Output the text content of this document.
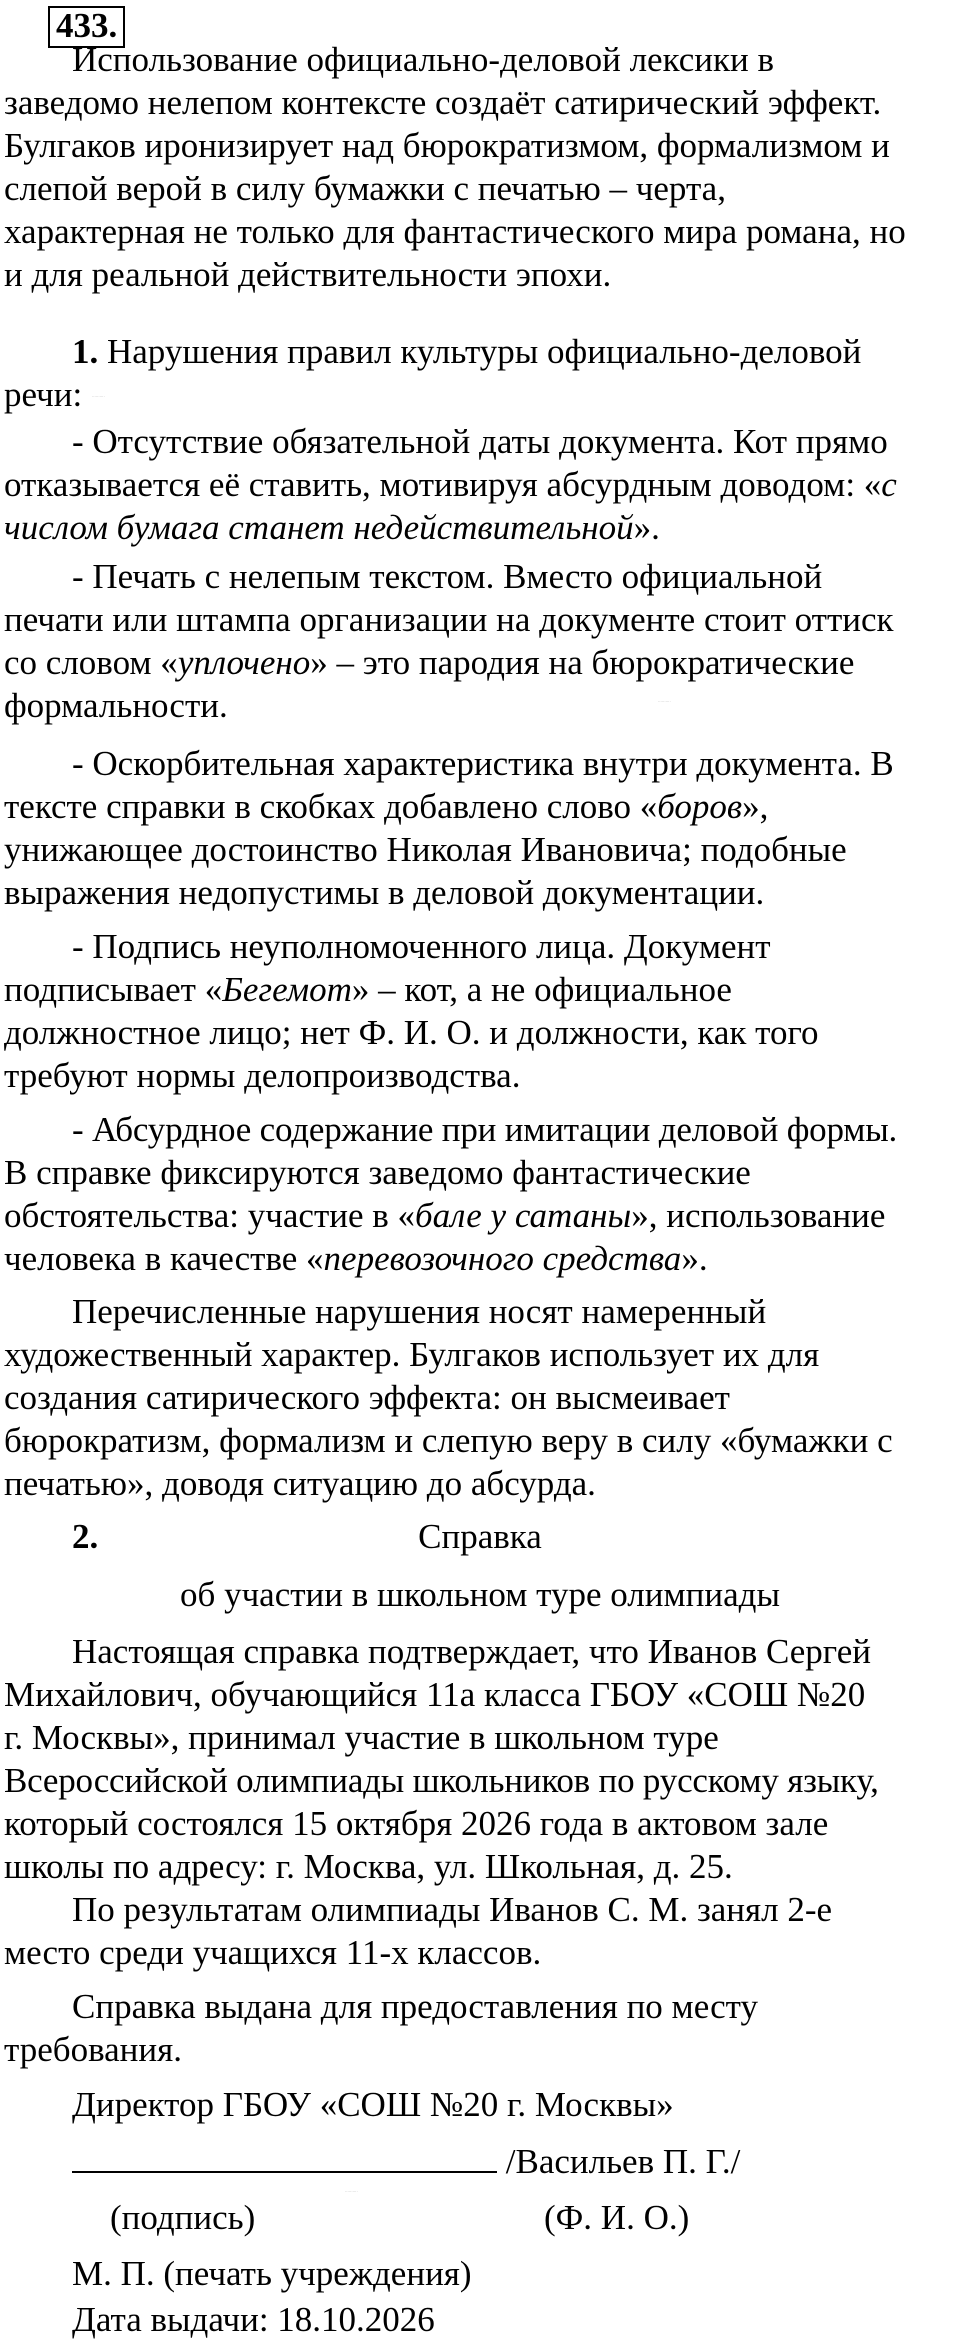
433.
Использование официально-деловой лексики в
заведомо нелепом контексте создаёт сатирический эффект.
Булгаков иронизирует над бюрократизмом, формализмом и
слепой верой в силу бумажки с печатью – черта,
характерная не только для фантастического мира романа, но
и для реальной действительности эпохи.
1. Нарушения правил культуры официально-деловой
речи:	··········
- Отсутствие обязательной даты документа. Кот прямо
отказывается её ставить, мотивируя абсурдным доводом: «с
числом бумага станет недействительной».
- Печать с нелепым текстом. Вместо официальной
печати или штампа организации на документе стоит оттиск
со словом «уплочено» – это пародия на бюрократические
формальности.	··········
- Оскорбительная характеристика внутри документа. В
тексте справки в скобках добавлено слово «боров»,
унижающее достоинство Николая Ивановича; подобные
выражения недопустимы в деловой документации.
- Подпись неуполномоченного лица. Документ
подписывает «Бегемот» – кот, а не официальное
должностное лицо; нет Ф. И. О. и должности, как того
требуют нормы делопроизводства.
- Абсурдное содержание при имитации деловой формы.
В справке фиксируются заведомо фантастические
обстоятельства: участие в «бале у сатаны», использование
человека в качестве «перевозочного средства».
Перечисленные нарушения носят намеренный
художественный характер. Булгаков использует их для
создания сатирического эффекта: он высмеивает
бюрократизм, формализм и слепую веру в силу «бумажки с
печатью», доводя ситуацию до абсурда.
2.	Справка
об участии в школьном туре олимпиады
Настоящая справка подтверждает, что Иванов Сергей
Михайлович, обучающийся 11а класса ГБОУ «СОШ №20
г. Москвы», принимал участие в школьном туре
Всероссийской олимпиады школьников по русскому языку,
который состоялся 15 октября 2026 года в актовом зале
школы по адресу: г. Москва, ул. Школьная, д. 25.
По результатам олимпиады Иванов С. М. занял 2-е
место среди учащихся 11-х классов.
Справка выдана для предоставления по месту
требования.
Директор ГБОУ «СОШ №20 г. Москвы»
/Васильев П. Г./
(подпись)
··········
(Ф. И. О.)
М. П. (печать учреждения)
Дата выдачи: 18.10.2026
